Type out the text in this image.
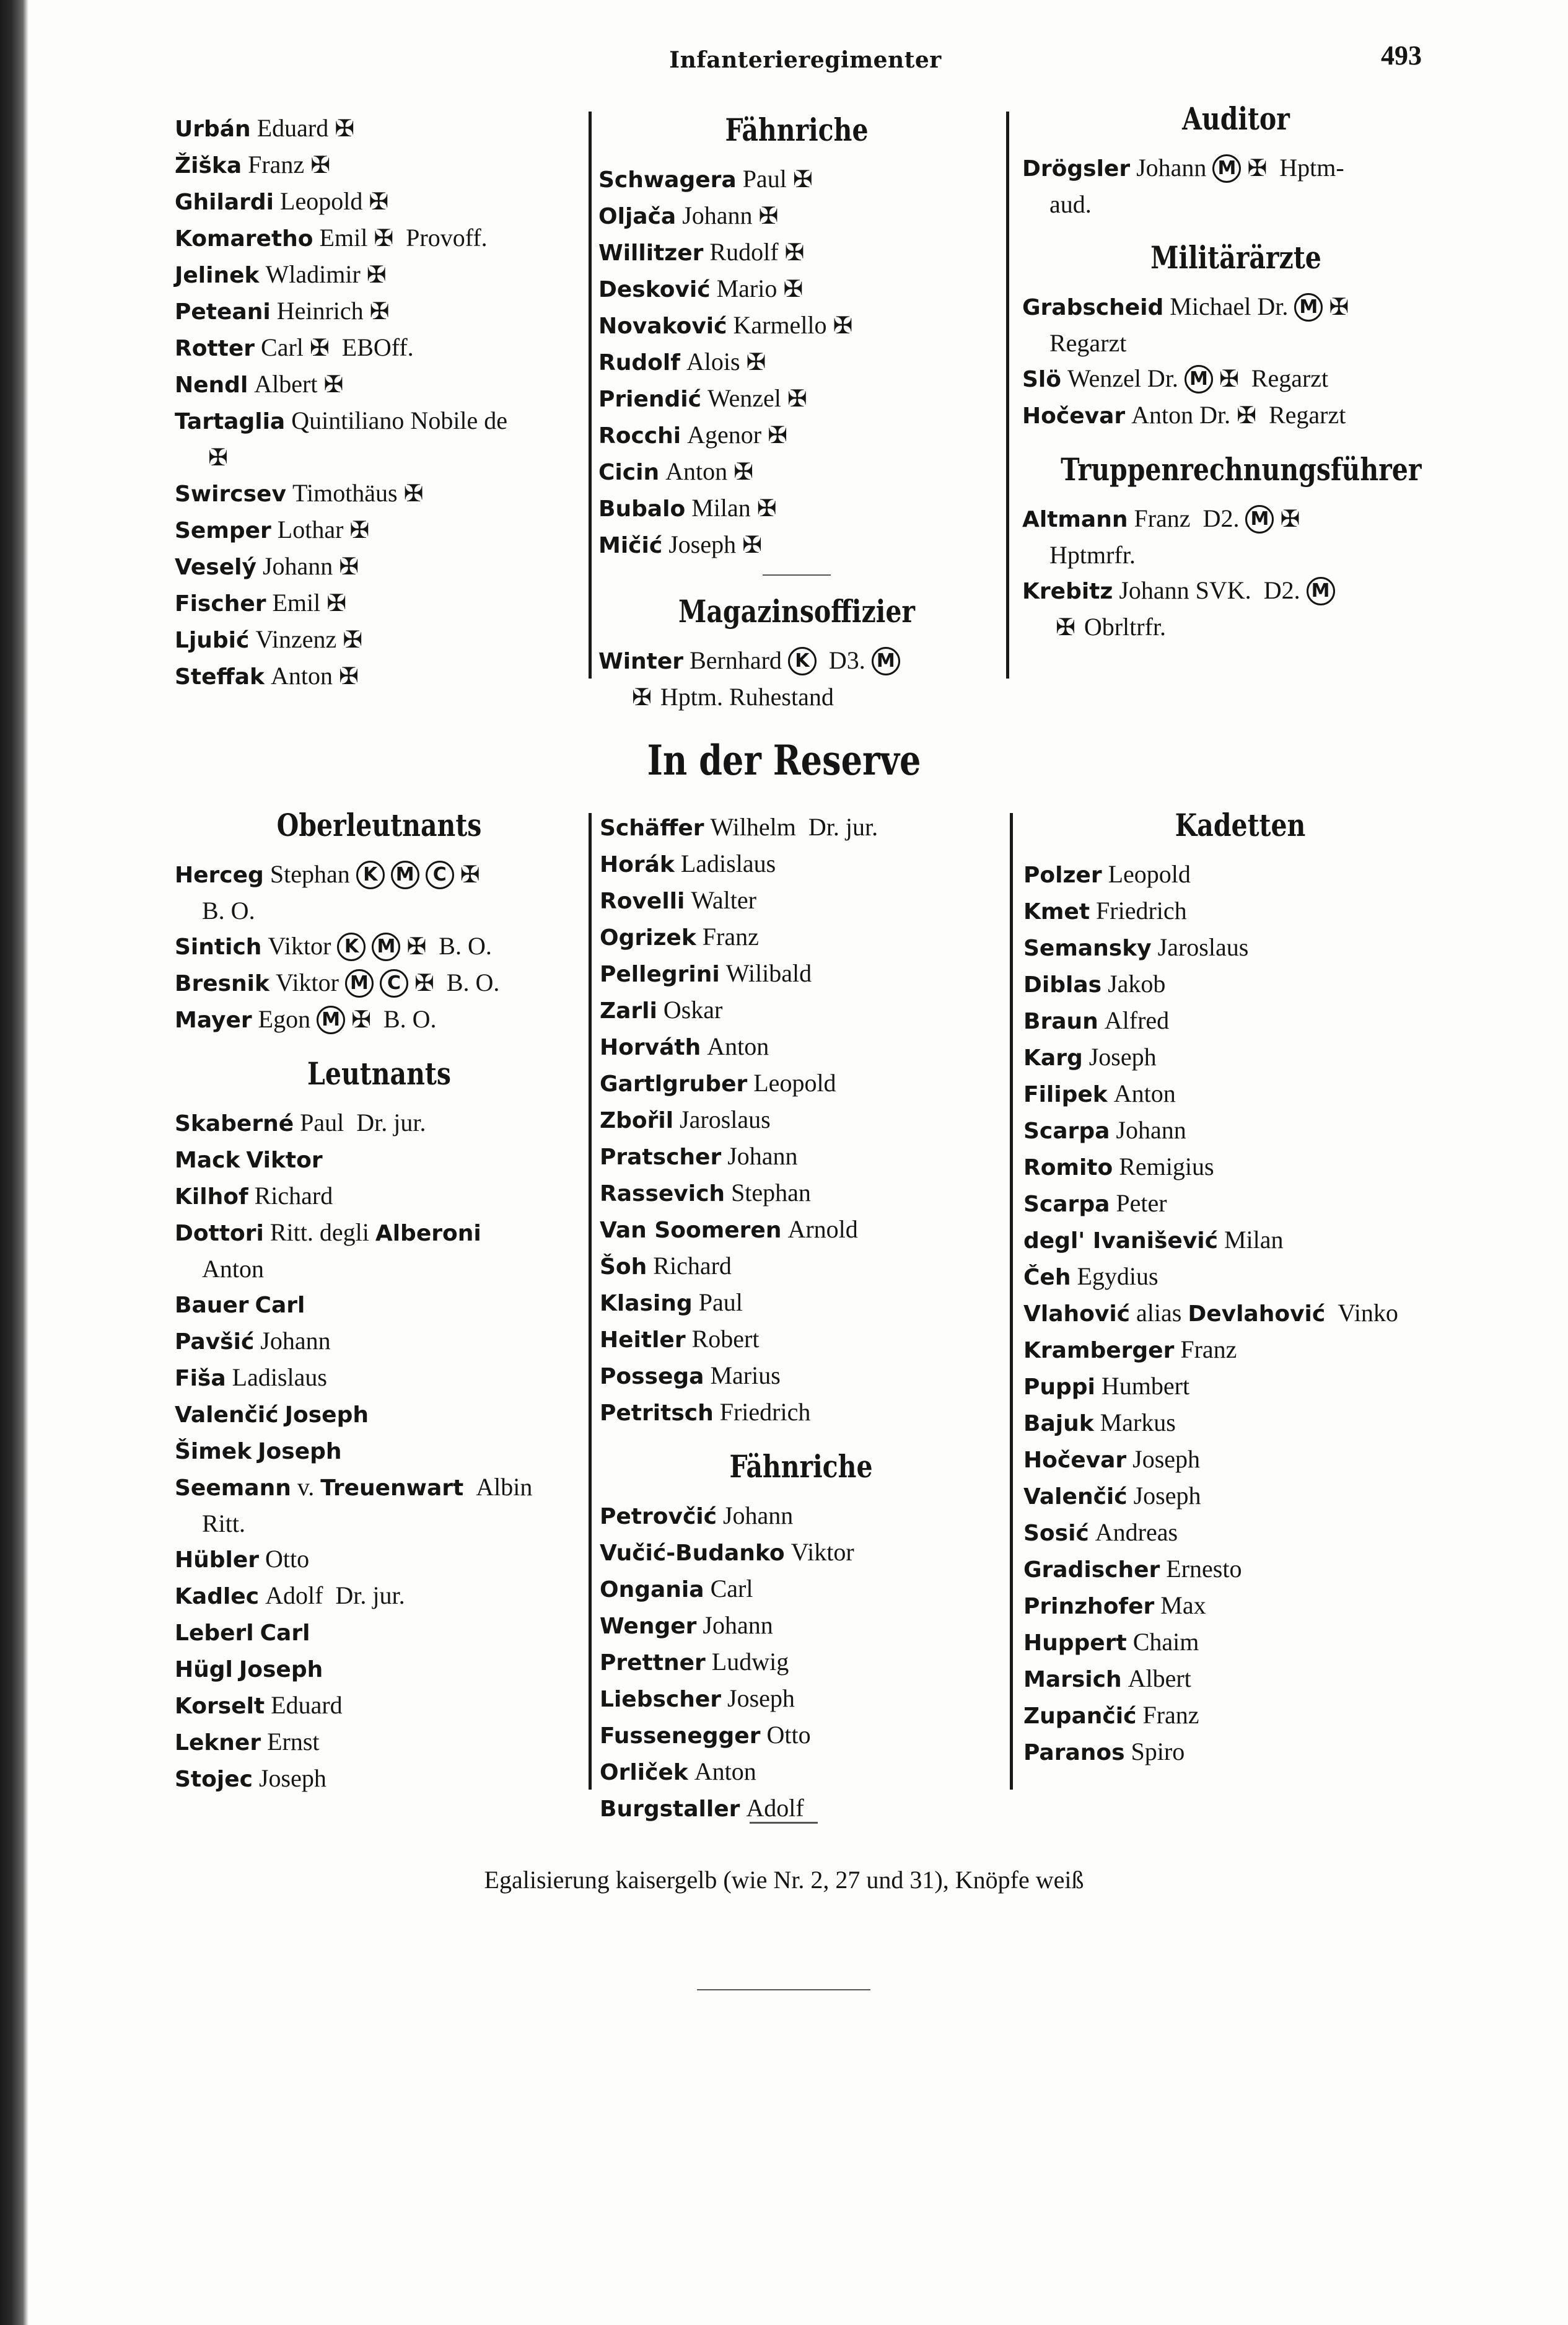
Infanterieregimenter	493
Urbán Eduard ✠
Žiška Franz ✠
Ghilardi Leopold ✠
Komaretho Emil ✠ Provoff.
Jelinek Wladimir ✠
Peteani Heinrich ✠
Rotter Carl ✠ EBOff.
Nendl Albert ✠
Tartaglia Quintiliano Nobile de
✠
Swircsev Timothäus ✠
Semper Lothar ✠
Veselý Johann ✠
Fischer Emil ✠
Ljubić Vinzenz ✠
Steffak Anton ✠
Fähnriche
Schwagera Paul ✠
Oljača Johann ✠
Willitzer Rudolf ✠
Desković Mario ✠
Novaković Karmello ✠
Rudolf Alois ✠
Priendić Wenzel ✠
Rocchi Agenor ✠
Cicin Anton ✠
Bubalo Milan ✠
Mičić Joseph ✠
Magazinsoffizier
Winter Bernhard K D3. M
✠ Hptm. Ruhestand
Auditor
Drögsler Johann M ✠ Hptm-
aud.
Militärärzte
Grabscheid Michael Dr. M ✠
Regarzt
Slö Wenzel Dr. M ✠ Regarzt
Hočevar Anton Dr. ✠ Regarzt
Truppenrechnungsführer
Altmann Franz D2. M ✠
Hptmrfr.
Krebitz Johann SVK. D2. M
✠ Obrltrfr.
In der Reserve
Oberleutnants
Herceg Stephan K M C ✠
B. O.
Sintich Viktor K M ✠ B. O.
Bresnik Viktor M C ✠ B. O.
Mayer Egon M ✠ B. O.
Leutnants
Skaberné Paul Dr. jur.
Mack Viktor
Kilhof Richard
Dottori Ritt. degli Alberoni
Anton
Bauer Carl
Pavšić Johann
Fiša Ladislaus
Valenčić Joseph
Šimek Joseph
Seemann v. Treuenwart Albin
Ritt.
Hübler Otto
Kadlec Adolf Dr. jur.
Leberl Carl
Hügl Joseph
Korselt Eduard
Lekner Ernst
Stojec Joseph
Schäffer Wilhelm Dr. jur.
Horák Ladislaus
Rovelli Walter
Ogrizek Franz
Pellegrini Wilibald
Zarli Oskar
Horváth Anton
Gartlgruber Leopold
Zbořil Jaroslaus
Pratscher Johann
Rassevich Stephan
Van Soomeren Arnold
Šoh Richard
Klasing Paul
Heitler Robert
Possega Marius
Petritsch Friedrich
Fähnriche
Petrovčić Johann
Vučić-Budanko Viktor
Ongania Carl
Wenger Johann
Prettner Ludwig
Liebscher Joseph
Fussenegger Otto
Orliček Anton
Burgstaller Adolf
Kadetten
Polzer Leopold
Kmet Friedrich
Semansky Jaroslaus
Diblas Jakob
Braun Alfred
Karg Joseph
Filipek Anton
Scarpa Johann
Romito Remigius
Scarpa Peter
degl' Ivanišević Milan
Čeh Egydius
Vlahović alias Devlahović Vinko
Kramberger Franz
Puppi Humbert
Bajuk Markus
Hočevar Joseph
Valenčić Joseph
Sosić Andreas
Gradischer Ernesto
Prinzhofer Max
Huppert Chaim
Marsich Albert
Zupančić Franz
Paranos Spiro
Egalisierung kaisergelb (wie Nr. 2, 27 und 31), Knöpfe weiß
